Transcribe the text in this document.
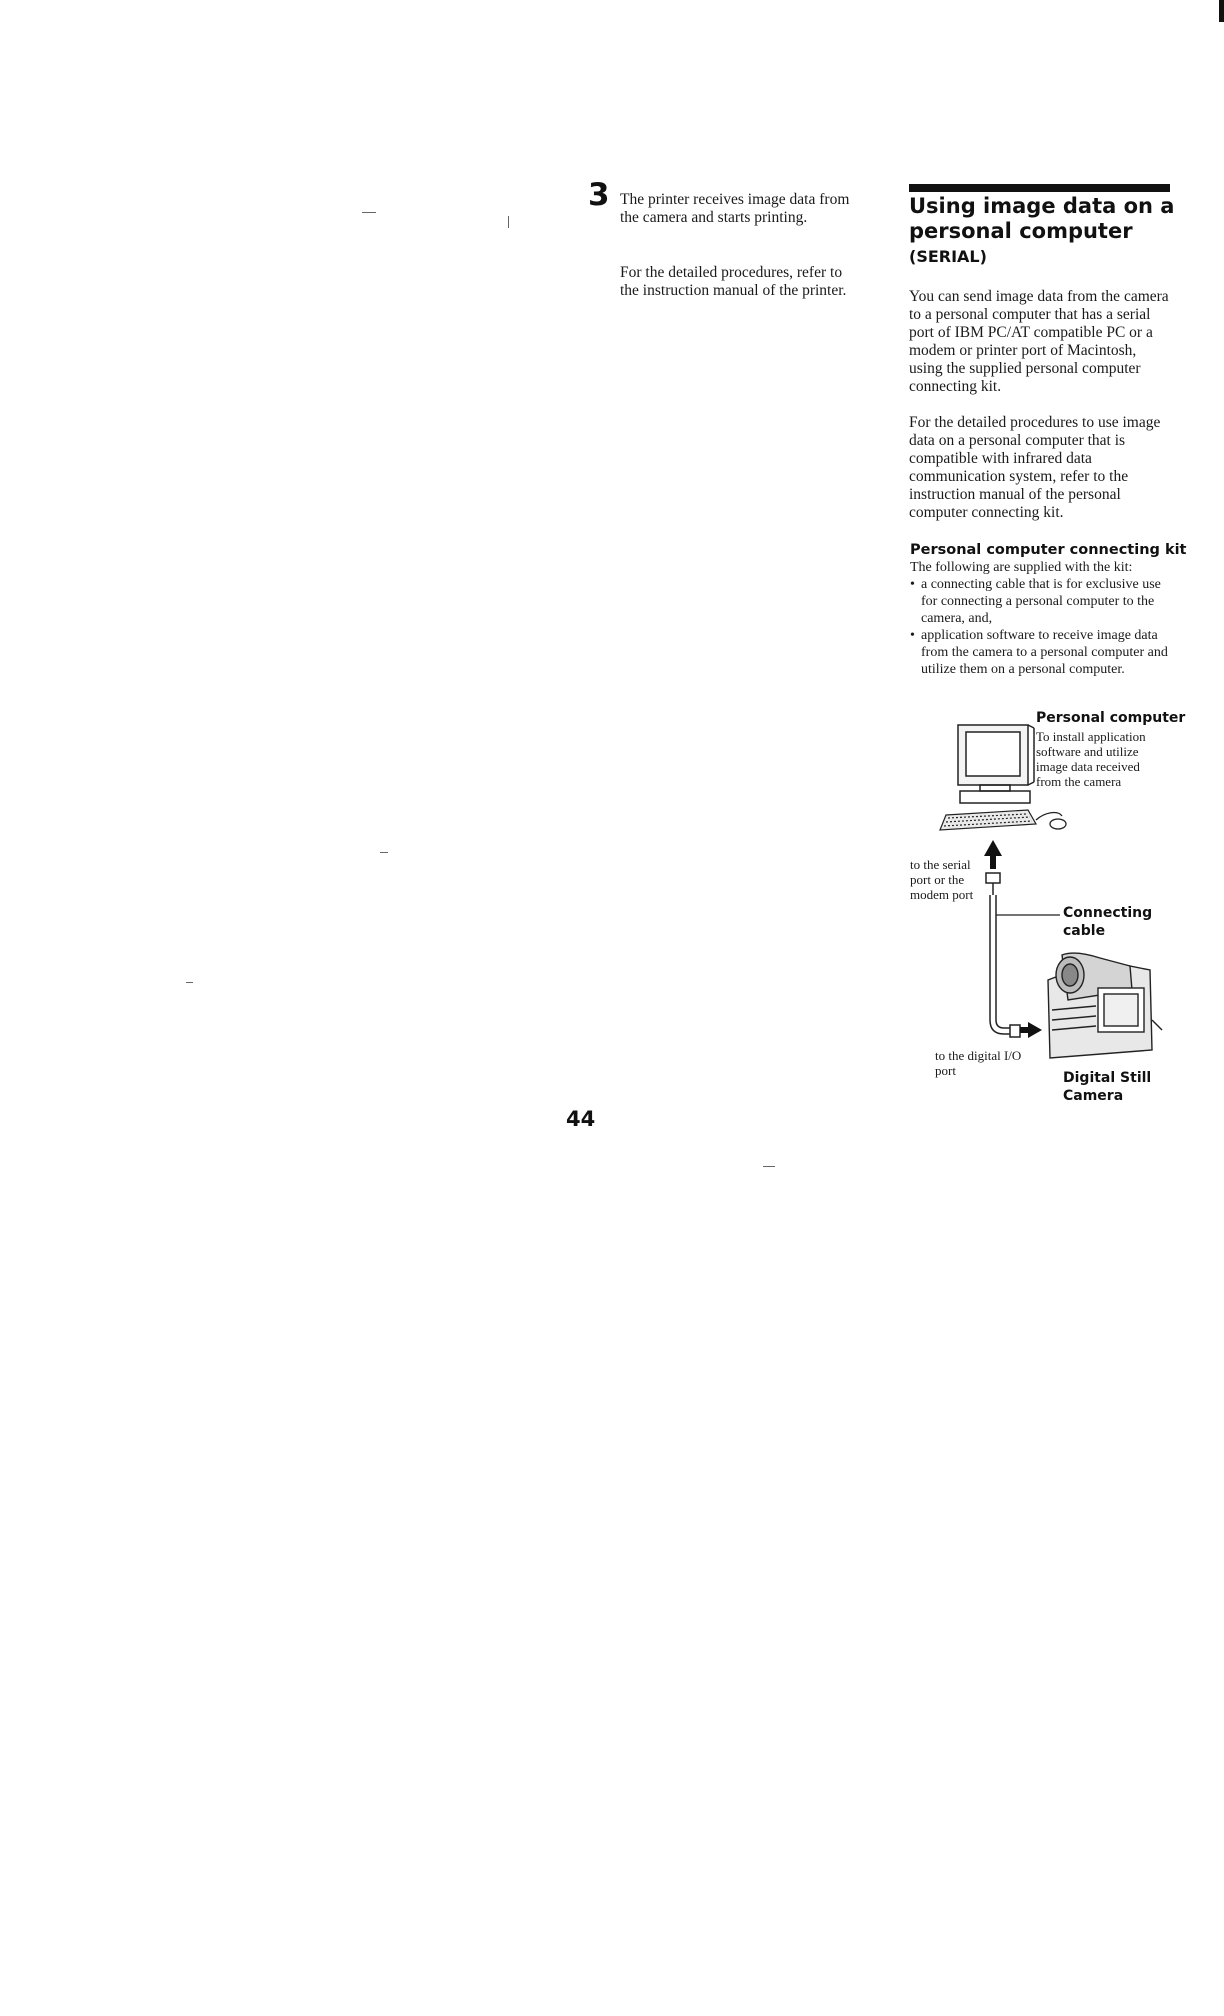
3 The printer receives image data from the camera and starts printing.
For the detailed procedures, refer to the instruction manual of the printer.
44
Using image data on a personal computer
(SERIAL)
You can send image data from the camera to a personal computer that has a serial port of IBM PC/AT compatible PC or a modem or printer port of Macintosh, using the supplied personal computer connecting kit.
For the detailed procedures to use image data on a personal computer that is compatible with infrared data communication system, refer to the instruction manual of the personal computer connecting kit.
Personal computer connecting kit
The following are supplied with the kit:
• a connecting cable that is for exclusive use for connecting a personal computer to the camera, and,
• application software to receive image data from the camera to a personal computer and utilize them on a personal computer.
Personal computer
To install application software and utilize image data received from the camera
to the serial port or the modem port
Connecting cable
to the digital I/O port	Digital Still Camera
